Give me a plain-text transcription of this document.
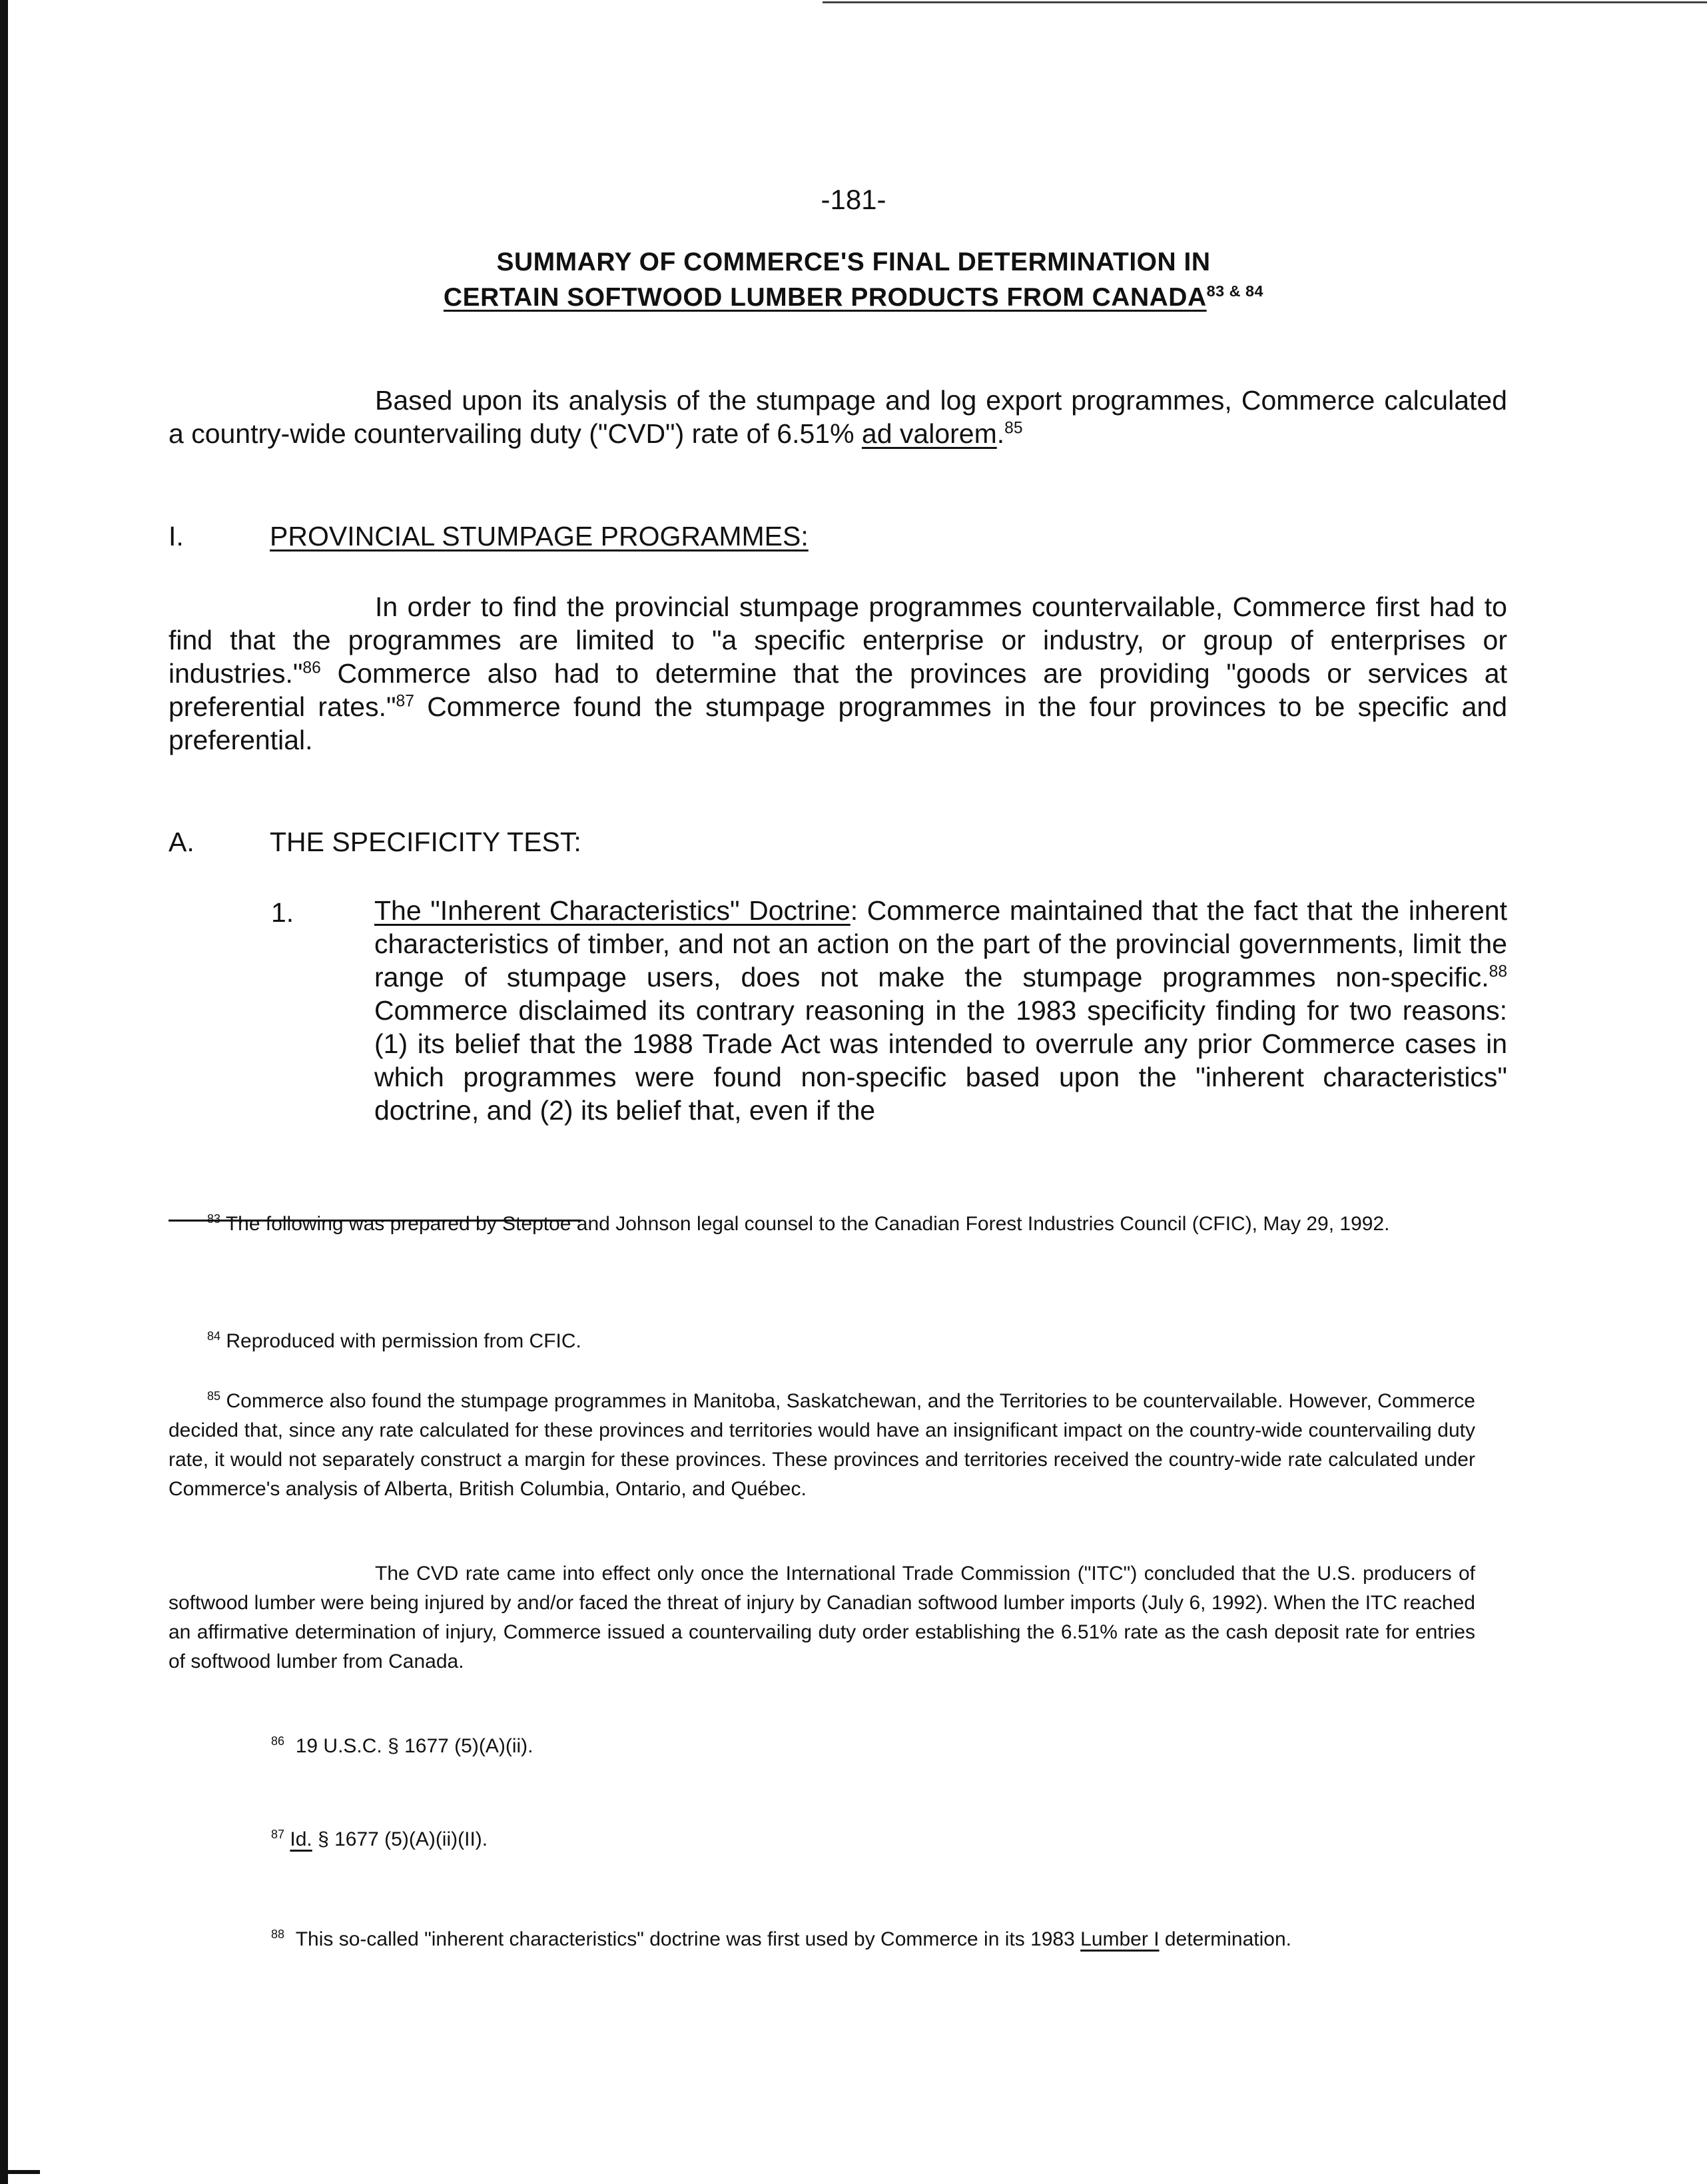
-181-
SUMMARY OF COMMERCE'S FINAL DETERMINATION IN
CERTAIN SOFTWOOD LUMBER PRODUCTS FROM $CANADA^{83 \& 84}$
Based upon its analysis of the stumpage and log export programmes, Commerce calculated a country-wide countervailing duty ("CVD") rate of 6.51% ad valorem.$^{85}$
I.	PROVINCIAL STUMPAGE PROGRAMMES:
In order to find the provincial stumpage programmes countervailable, Commerce first had to find that the programmes are limited to "a specific enterprise or industry, or group of enterprises or industries."$^{86}$ Commerce also had to determine that the provinces are providing "goods or services at preferential rates."$^{87}$ Commerce found the stumpage programmes in the four provinces to be specific and preferential.
A.	THE SPECIFICITY TEST:
1.	The "Inherent Characteristics" Doctrine: Commerce maintained that the fact that the inherent characteristics of timber, and not an action on the part of the provincial governments, limit the range of stumpage users, does not make the stumpage programmes non-specific.$^{88}$ Commerce disclaimed its contrary reasoning in the 1983 specificity finding for two reasons: (1) its belief that the 1988 Trade Act was intended to overrule any prior Commerce cases in which programmes were found non-specific based upon the "inherent characteristics" doctrine, and (2) its belief that, even if the
$^{83}$ The following was prepared by Steptoe and Johnson legal counsel to the Canadian Forest Industries Council (CFIC), May 29, 1992.
$^{84}$ Reproduced with permission from CFIC.
$^{85}$ Commerce also found the stumpage programmes in Manitoba, Saskatchewan, and the Territories to be countervailable. However, Commerce decided that, since any rate calculated for these provinces and territories would have an insignificant impact on the country-wide countervailing duty rate, it would not separately construct a margin for these provinces. These provinces and territories received the country-wide rate calculated under Commerce's analysis of Alberta, British Columbia, Ontario, and Québec.
The CVD rate came into effect only once the International Trade Commission ("ITC") concluded that the U.S. producers of softwood lumber were being injured by and/or faced the threat of injury by Canadian softwood lumber imports (July 6, 1992). When the ITC reached an affirmative determination of injury, Commerce issued a countervailing duty order establishing the 6.51% rate as the cash deposit rate for entries of softwood lumber from Canada.
$^{86}$ 19 U.S.C. § 1677 (5)(A)(ii).
$^{87}$ Id. § 1677 (5)(A)(ii)(II).
$^{88}$ This so-called "inherent characteristics" doctrine was first used by Commerce in its 1983 Lumber I determination.
